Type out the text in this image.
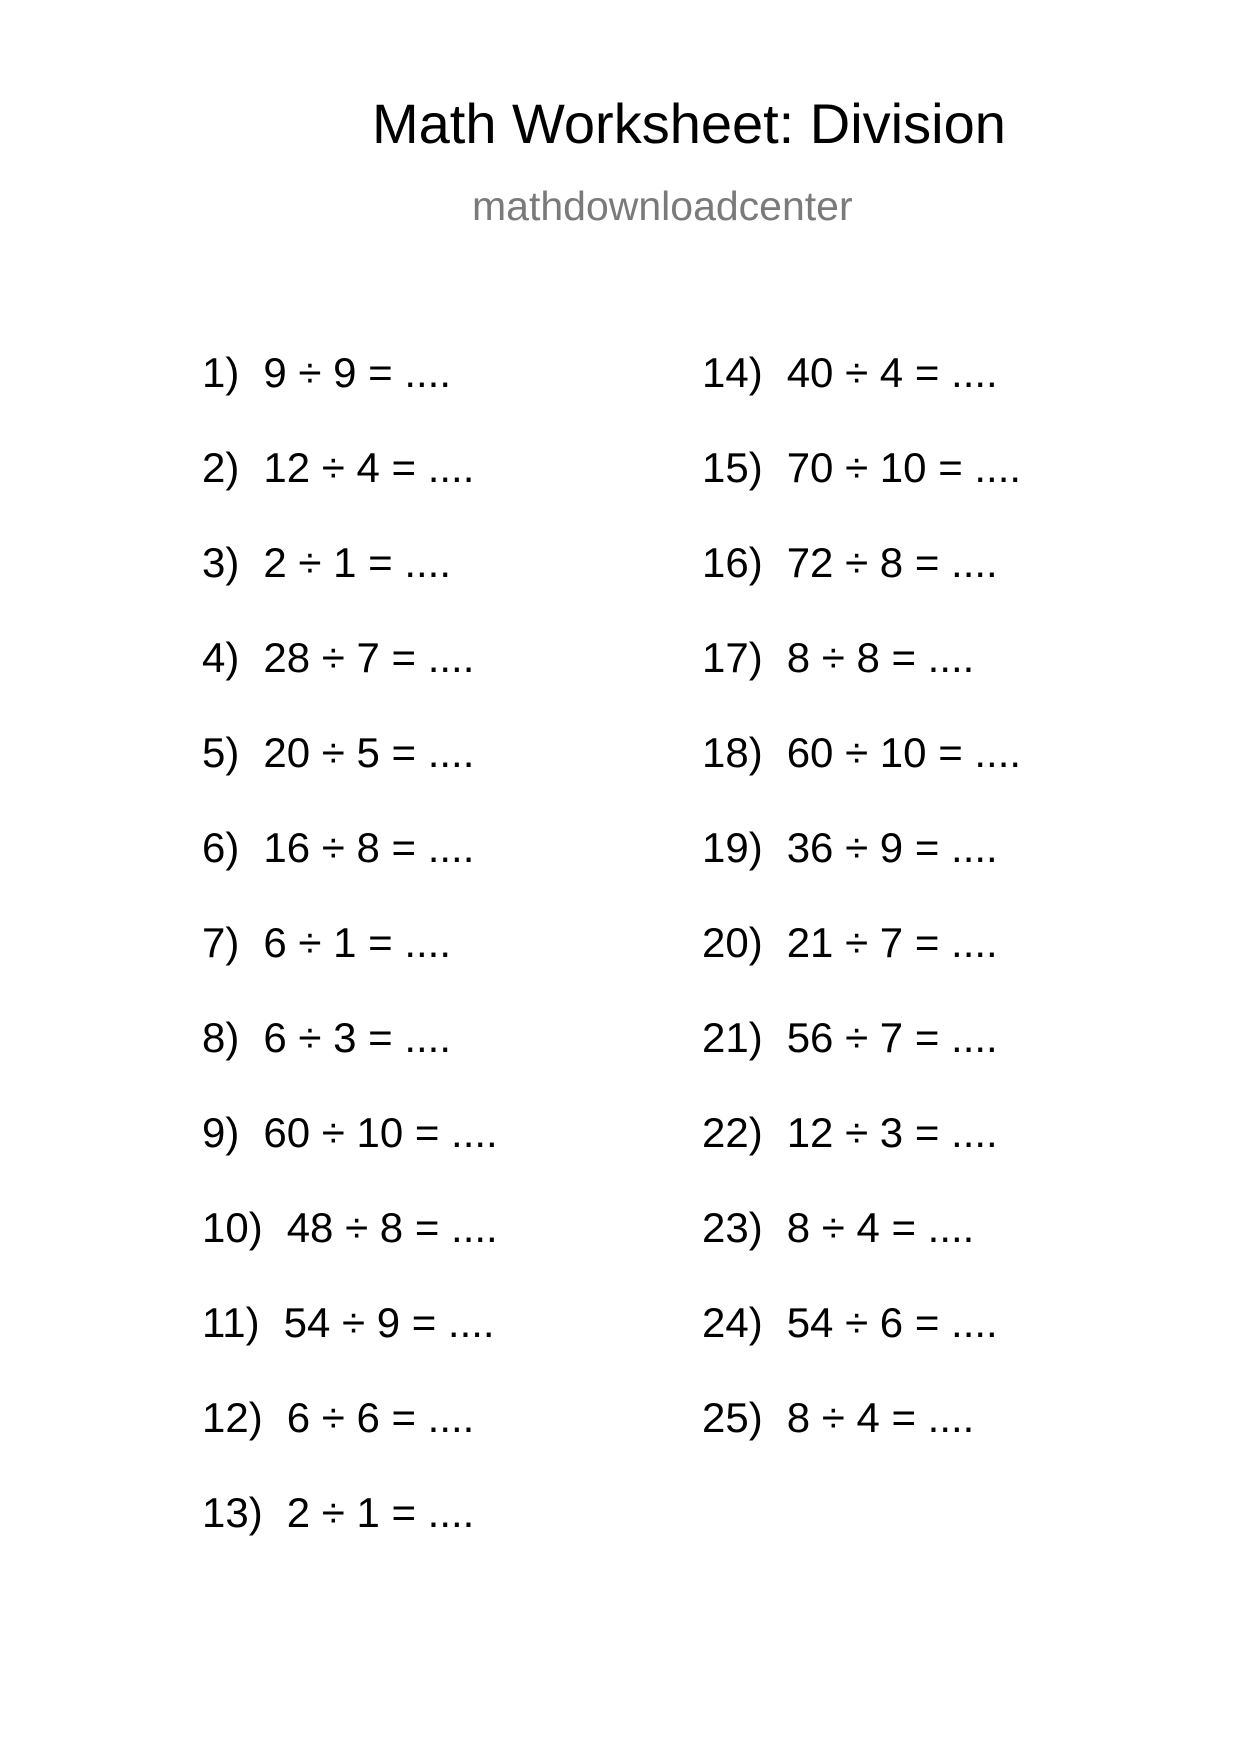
Math Worksheet: Division
mathdownloadcenter
1) 9 ÷ 9 = ....
2) 12 ÷ 4 = ....
3) 2 ÷ 1 = ....
4) 28 ÷ 7 = ....
5) 20 ÷ 5 = ....
6) 16 ÷ 8 = ....
7) 6 ÷ 1 = ....
8) 6 ÷ 3 = ....
9) 60 ÷ 10 = ....
10) 48 ÷ 8 = ....
11) 54 ÷ 9 = ....
12) 6 ÷ 6 = ....
13) 2 ÷ 1 = ....
14) 40 ÷ 4 = ....
15) 70 ÷ 10 = ....
16) 72 ÷ 8 = ....
17) 8 ÷ 8 = ....
18) 60 ÷ 10 = ....
19) 36 ÷ 9 = ....
20) 21 ÷ 7 = ....
21) 56 ÷ 7 = ....
22) 12 ÷ 3 = ....
23) 8 ÷ 4 = ....
24) 54 ÷ 6 = ....
25) 8 ÷ 4 = ....
